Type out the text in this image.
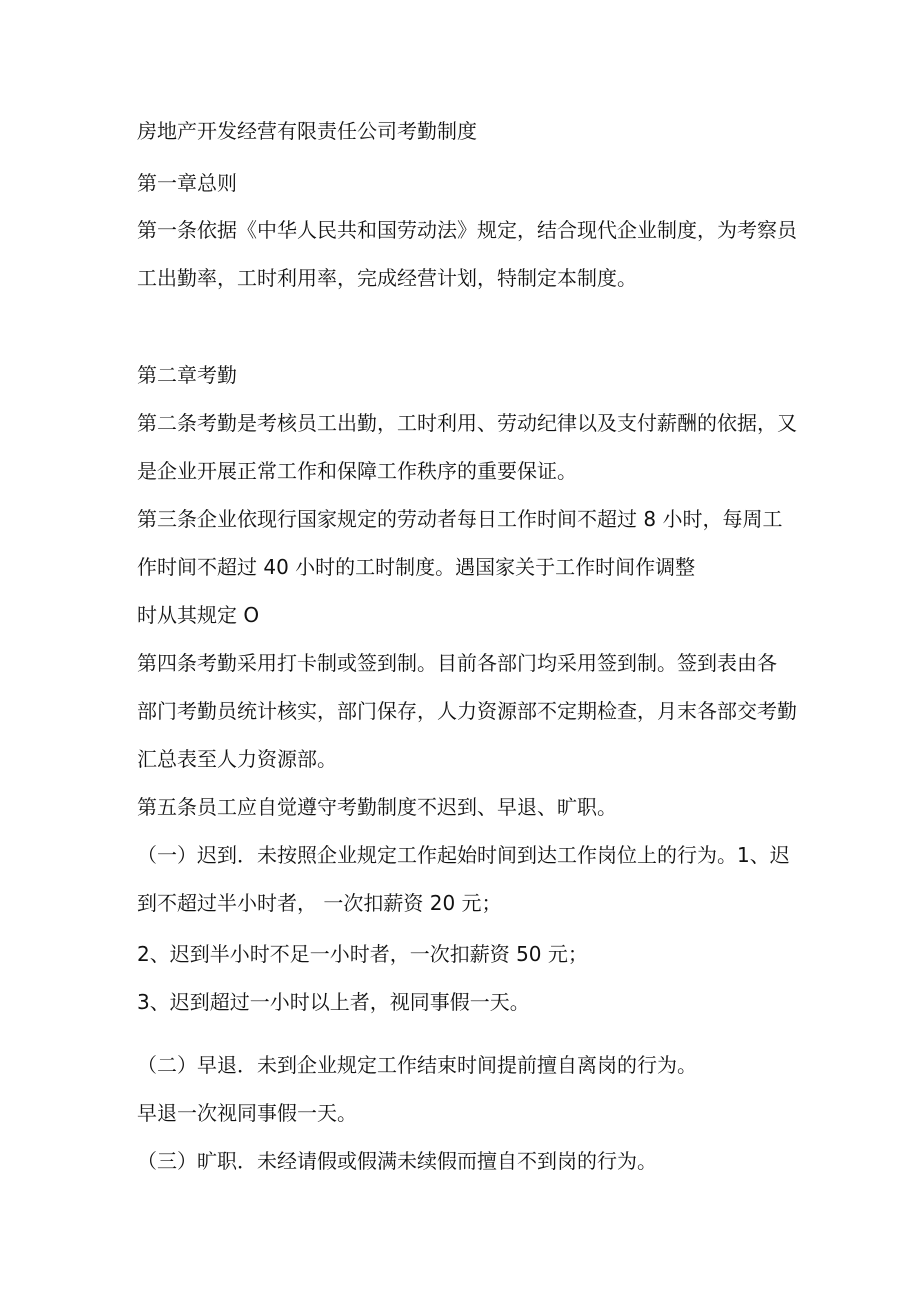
房地产开发经营有限责任公司考勤制度
第一章总则
第一条依据《中华人民共和国劳动法》规定，结合现代企业制度，为考察员
工出勤率，工时利用率，完成经营计划，特制定本制度。
第二章考勤
第二条考勤是考核员工出勤，工时利用、劳动纪律以及支付薪酬的依据，又
是企业开展正常工作和保障工作秩序的重要保证。
第三条企业依现行国家规定的劳动者每日工作时间不超过 8 小时，每周工
作时间不超过 40 小时的工时制度。遇国家关于工作时间作调整
时从其规定 O
第四条考勤采用打卡制或签到制。目前各部门均采用签到制。签到表由各
部门考勤员统计核实，部门保存，人力资源部不定期检查，月末各部交考勤
汇总表至人力资源部。
第五条员工应自觉遵守考勤制度不迟到、早退、旷职。
（一）迟到．未按照企业规定工作起始时间到达工作岗位上的行为。1、迟
到不超过半小时者， 一次扣薪资 20 元；
2、迟到半小时不足一小时者，一次扣薪资 50 元；
3、迟到超过一小时以上者，视同事假一天。
（二）早退．未到企业规定工作结束时间提前擅自离岗的行为。
早退一次视同事假一天。
（三）旷职．未经请假或假满未续假而擅自不到岗的行为。
